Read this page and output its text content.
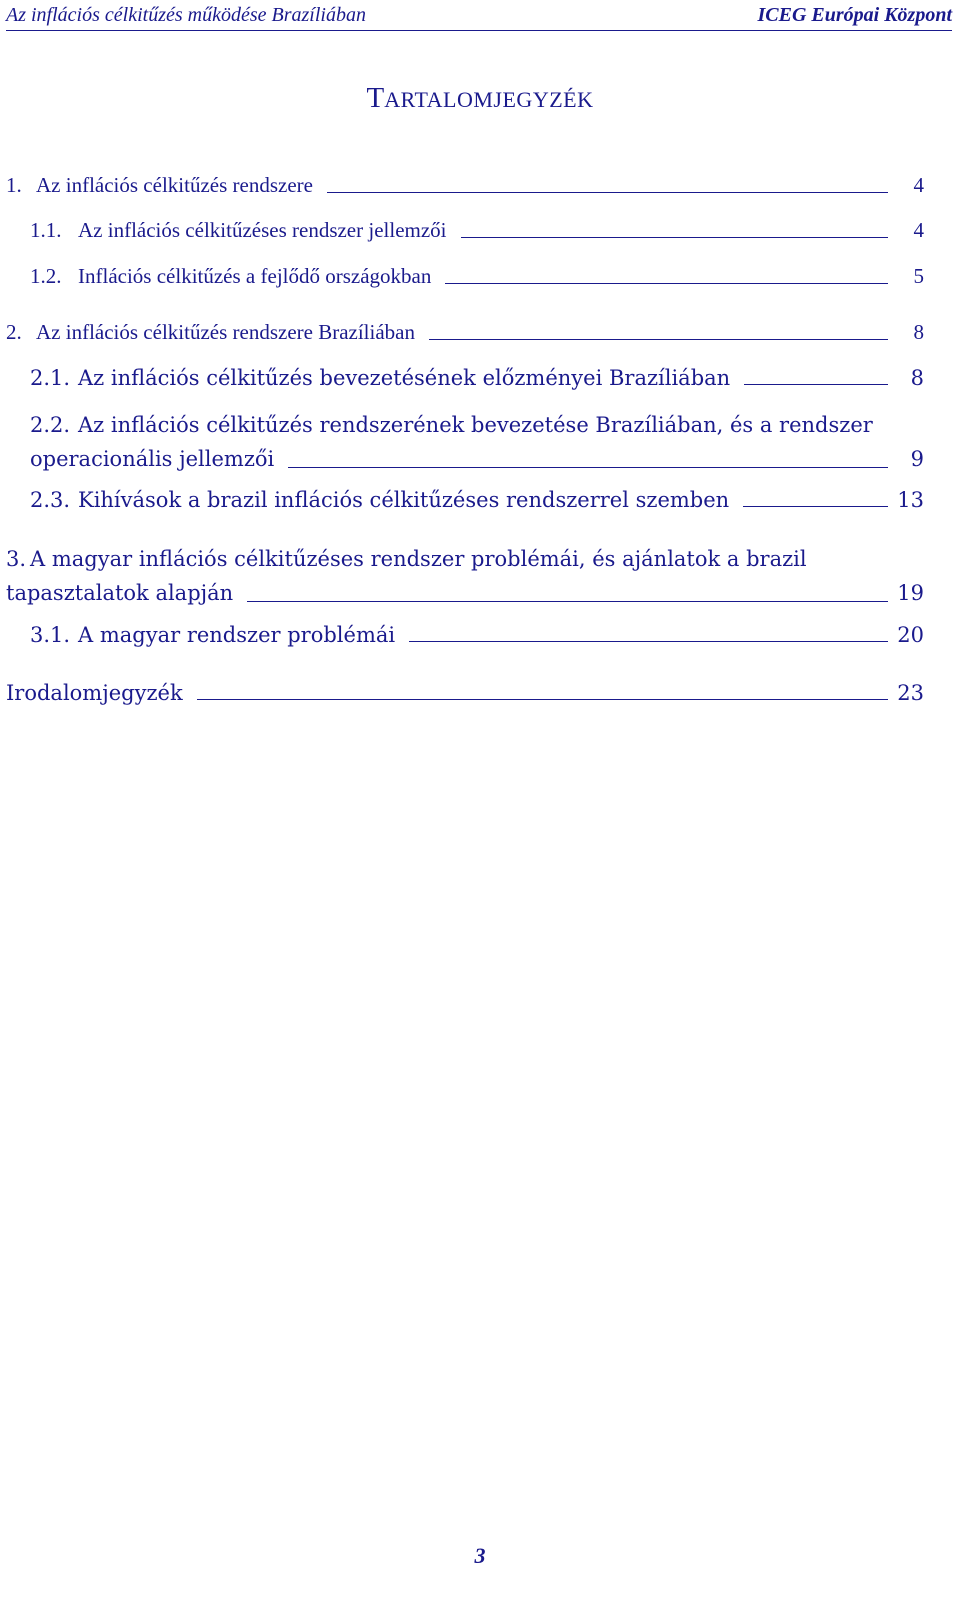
Az inflációs célkitűzés működése Brazíliában	ICEG Európai Központ
TARTALOMJEGYZÉK
1. Az inflációs célkitűzés rendszere	4
1.1. Az inflációs célkitűzéses rendszer jellemzői	4
1.2. Inflációs célkitűzés a fejlődő országokban	5
2. Az inflációs célkitűzés rendszere Brazíliában	8
2.1. Az inflációs célkitűzés bevezetésének előzményei Brazíliában	8
2.2. Az inflációs célkitűzés rendszerének bevezetése Brazíliában, és a rendszer
operacionális jellemzői	9
2.3. Kihívások a brazil inflációs célkitűzéses rendszerrel szemben	13
3. A magyar inflációs célkitűzéses rendszer problémái, és ajánlatok a brazil
tapasztalatok alapján	19
3.1. A magyar rendszer problémái	20
Irodalomjegyzék	23
3
